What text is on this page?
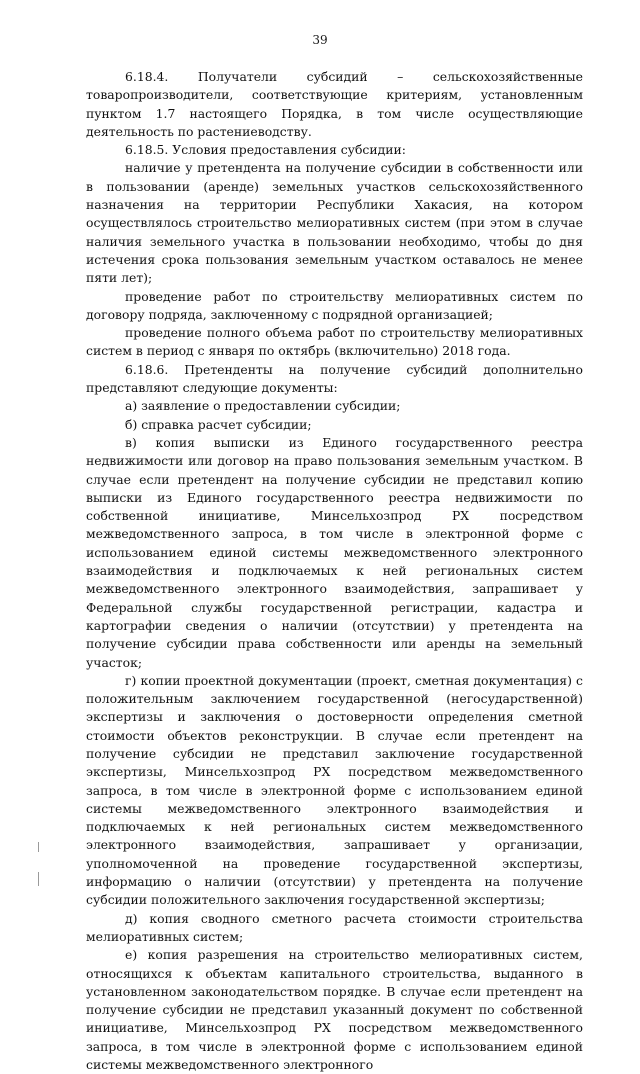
39

6.18.4. Получатели субсидий – сельскохозяйственные товаропроизводители, соответствующие критериям, установленным пунктом 1.7 настоящего Порядка, в том числе осуществляющие деятельность по растениеводству.

6.18.5. Условия предоставления субсидии:

наличие у претендента на получение субсидии в собственности или в пользовании (аренде) земельных участков сельскохозяйственного назначения на территории Республики Хакасия, на котором осуществлялось строительство мелиоративных систем (при этом в случае наличия земельного участка в пользовании необходимо, чтобы до дня истечения срока пользования земельным участком оставалось не менее пяти лет);

проведение работ по строительству мелиоративных систем по договору подряда, заключенному с подрядной организацией;

проведение полного объема работ по строительству мелиоративных систем в период с января по октябрь (включительно) 2018 года.

6.18.6. Претенденты на получение субсидий дополнительно представляют следующие документы:

а) заявление о предоставлении субсидии;

б) справка расчет субсидии;

в) копия выписки из Единого государственного реестра недвижимости или договор на право пользования земельным участком. В случае если претендент на получение субсидии не представил копию выписки из Единого государственного реестра недвижимости по собственной инициативе, Минсельхозпрод РХ посредством межведомственного запроса, в том числе в электронной форме с использованием единой системы межведомственного электронного взаимодействия и подключаемых к ней региональных систем межведомственного электронного взаимодействия, запрашивает у Федеральной службы государственной регистрации, кадастра и картографии сведения о наличии (отсутствии) у претендента на получение субсидии права собственности или аренды на земельный участок;

г) копии проектной документации (проект, сметная документация) с положительным заключением государственной (негосударственной) экспертизы и заключения о достоверности определения сметной стоимости объектов реконструкции. В случае если претендент на получение субсидии не представил заключение государственной экспертизы, Минсельхозпрод РХ посредством межведомственного запроса, в том числе в электронной форме с использованием единой системы межведомственного электронного взаимодействия и подключаемых к ней региональных систем межведомственного электронного взаимодействия, запрашивает у организации, уполномоченной на проведение государственной экспертизы, информацию о наличии (отсутствии) у претендента на получение субсидии положительного заключения государственной экспертизы;

д) копия сводного сметного расчета стоимости строительства мелиоративных систем;

е) копия разрешения на строительство мелиоративных систем, относящихся к объектам капитального строительства, выданного в установленном законодательством порядке. В случае если претендент на получение субсидии не представил указанный документ по собственной инициативе, Минсельхозпрод РХ посредством межведомственного запроса, в том числе в электронной форме с использованием единой системы межведомственного электронного
